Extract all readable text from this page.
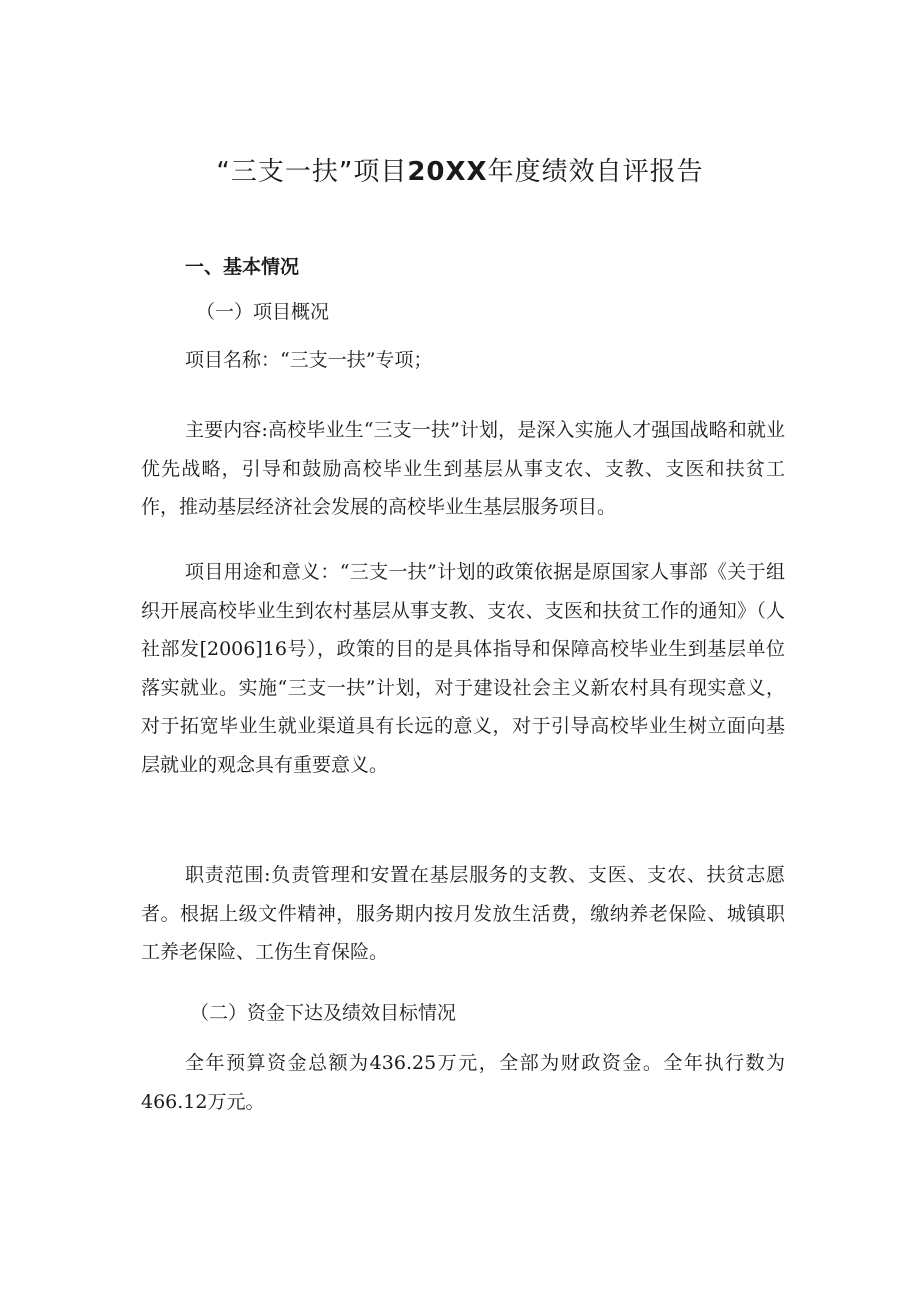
“三支一扶”项目20XX年度绩效自评报告
一、基本情况
（一）项目概况
项目名称：“三支一扶”专项；
主要内容:高校毕业生“三支一扶”计划，是深入实施人才强国战略和就业优先战略，引导和鼓励高校毕业生到基层从事支农、支教、支医和扶贫工作，推动基层经济社会发展的高校毕业生基层服务项目。
项目用途和意义：“三支一扶”计划的政策依据是原国家人事部《关于组织开展高校毕业生到农村基层从事支教、支农、支医和扶贫工作的通知》（人社部发[2006]16号），政策的目的是具体指导和保障高校毕业生到基层单位落实就业。实施“三支一扶”计划，对于建设社会主义新农村具有现实意义，对于拓宽毕业生就业渠道具有长远的意义，对于引导高校毕业生树立面向基层就业的观念具有重要意义。
职责范围:负责管理和安置在基层服务的支教、支医、支农、扶贫志愿者。根据上级文件精神，服务期内按月发放生活费，缴纳养老保险、城镇职工养老保险、工伤生育保险。
（二）资金下达及绩效目标情况
全年预算资金总额为436.25万元，全部为财政资金。全年执行数为466.12万元。
